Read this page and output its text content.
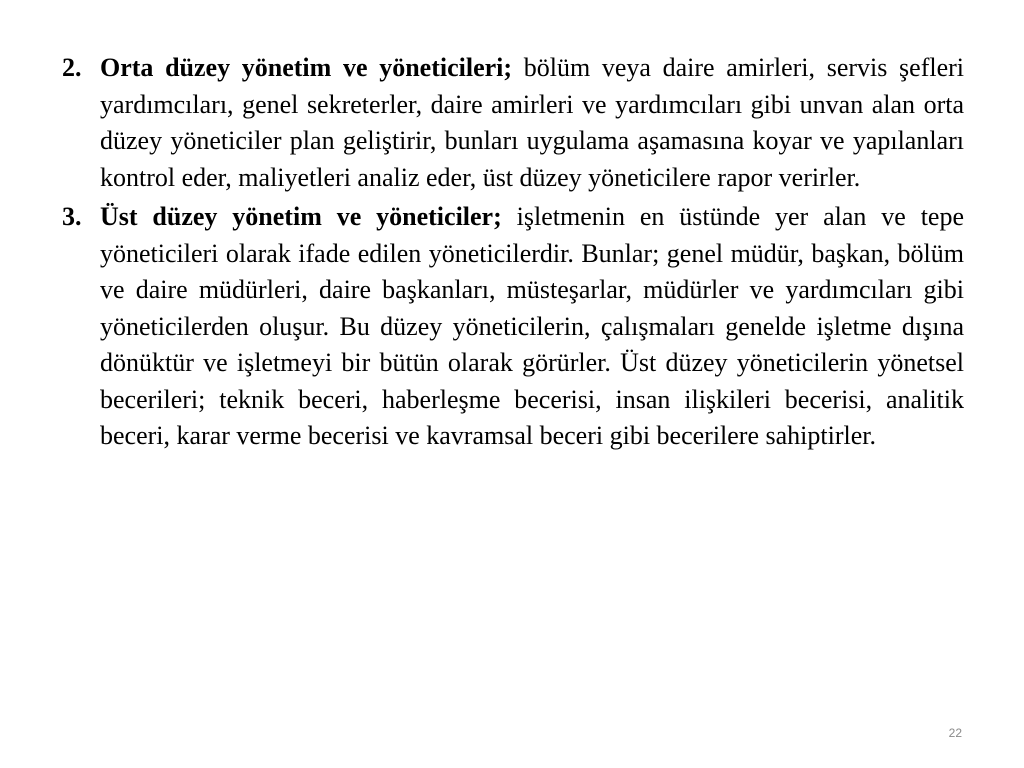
2. Orta düzey yönetim ve yöneticileri; bölüm veya daire amirleri, servis şefleri yardımcıları, genel sekreterler, daire amirleri ve yardımcıları gibi unvan alan orta düzey yöneticiler plan geliştirir, bunları uygulama aşamasına koyar ve yapılanları kontrol eder, maliyetleri analiz eder, üst düzey yöneticilere rapor verirler.
3. Üst düzey yönetim ve yöneticiler; işletmenin en üstünde yer alan ve tepe yöneticileri olarak ifade edilen yöneticilerdir. Bunlar; genel müdür, başkan, bölüm ve daire müdürleri, daire başkanları, müsteşarlar, müdürler ve yardımcıları gibi yöneticilerden oluşur. Bu düzey yöneticilerin, çalışmaları genelde işletme dışına dönüktür ve işletmeyi bir bütün olarak görürler. Üst düzey yöneticilerin yönetsel becerileri; teknik beceri, haberleşme becerisi, insan ilişkileri becerisi, analitik beceri, karar verme becerisi ve kavramsal beceri gibi becerilere sahiptirler.
22
